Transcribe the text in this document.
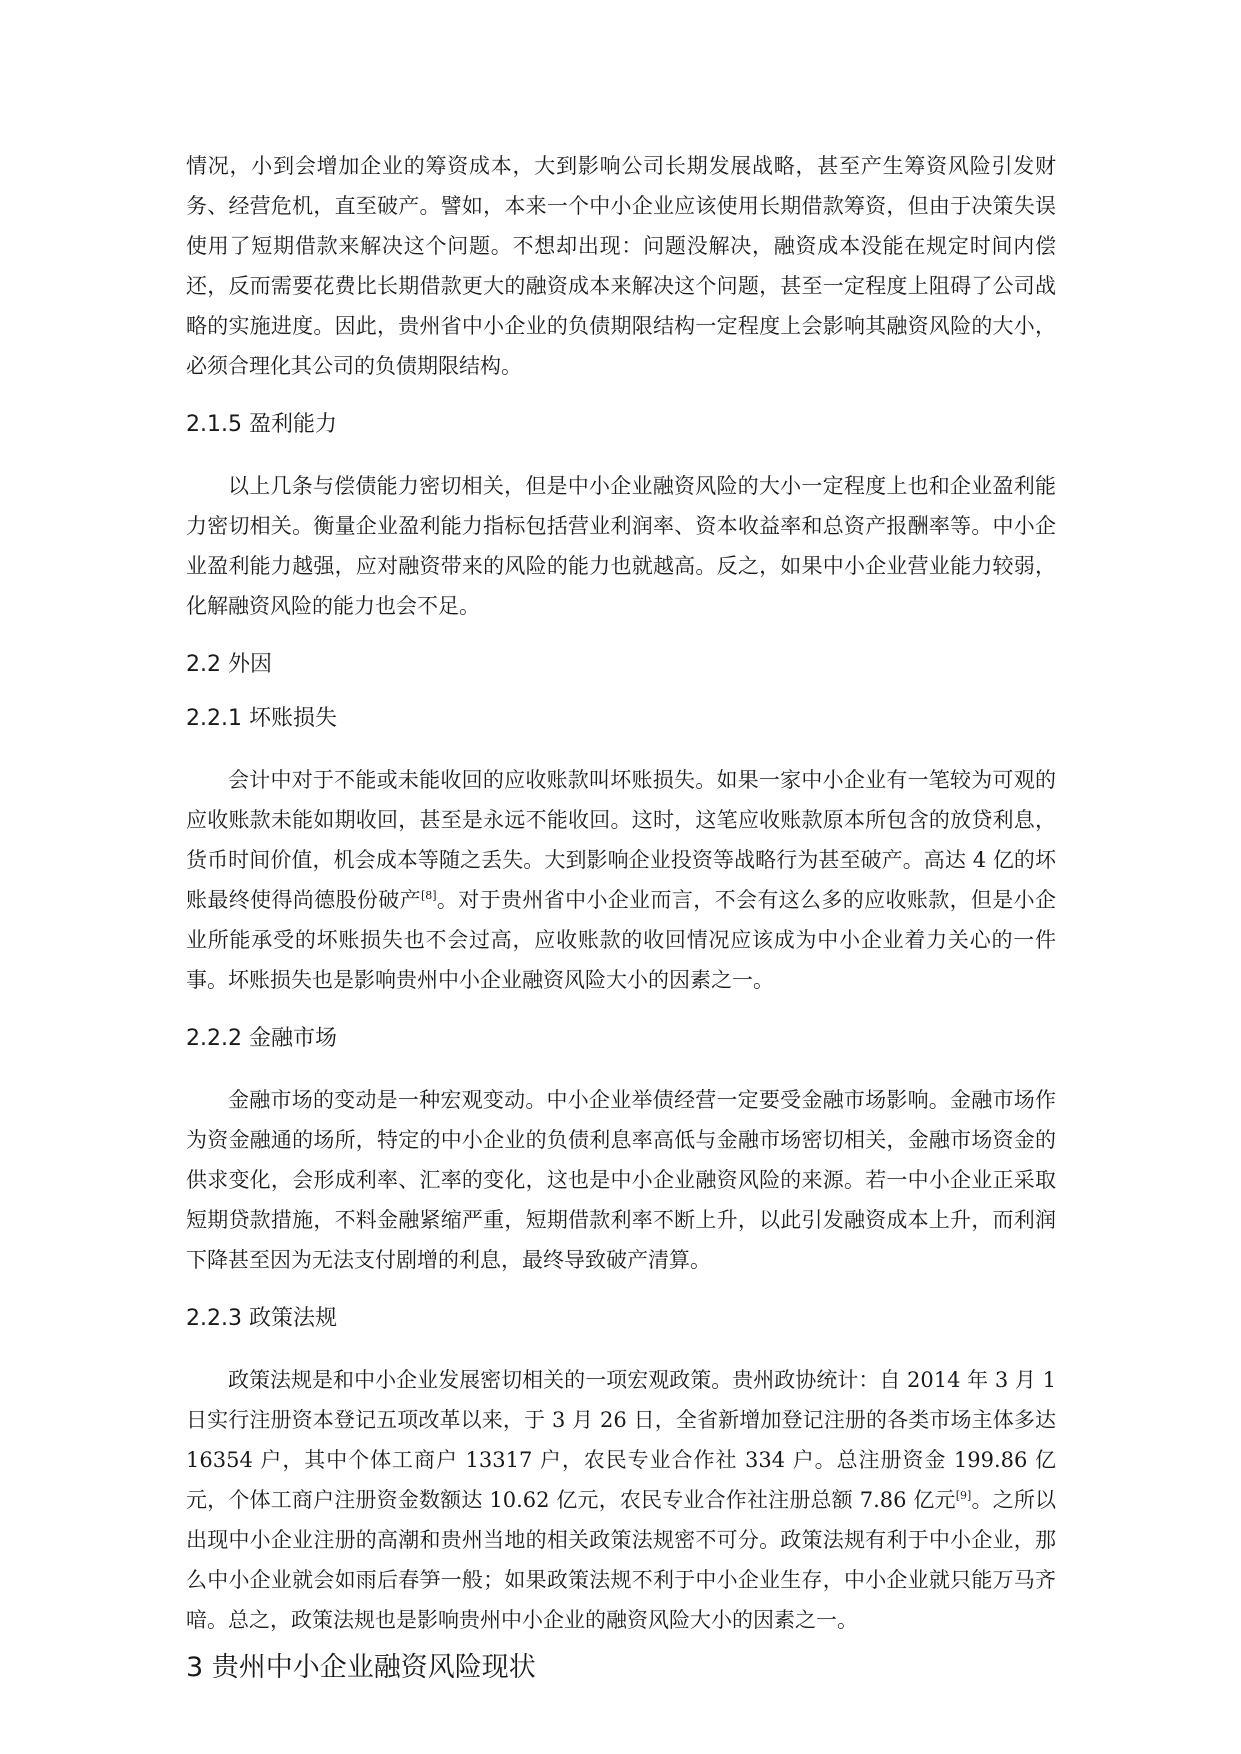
情况，小到会增加企业的筹资成本，大到影响公司长期发展战略，甚至产生筹资风险引发财务、经营危机，直至破产。譬如，本来一个中小企业应该使用长期借款筹资，但由于决策失误使用了短期借款来解决这个问题。不想却出现：问题没解决，融资成本没能在规定时间内偿还，反而需要花费比长期借款更大的融资成本来解决这个问题，甚至一定程度上阻碍了公司战略的实施进度。因此，贵州省中小企业的负债期限结构一定程度上会影响其融资风险的大小，必须合理化其公司的负债期限结构。

2.1.5 盈利能力

以上几条与偿债能力密切相关，但是中小企业融资风险的大小一定程度上也和企业盈利能力密切相关。衡量企业盈利能力指标包括营业利润率、资本收益率和总资产报酬率等。中小企业盈利能力越强，应对融资带来的风险的能力也就越高。反之，如果中小企业营业能力较弱，化解融资风险的能力也会不足。

2.2 外因
2.2.1 坏账损失

会计中对于不能或未能收回的应收账款叫坏账损失。如果一家中小企业有一笔较为可观的应收账款未能如期收回，甚至是永远不能收回。这时，这笔应收账款原本所包含的放贷利息，货币时间价值，机会成本等随之丢失。大到影响企业投资等战略行为甚至破产。高达 4 亿的坏账最终使得尚德股份破产[8]。对于贵州省中小企业而言，不会有这么多的应收账款，但是小企业所能承受的坏账损失也不会过高，应收账款的收回情况应该成为中小企业着力关心的一件事。坏账损失也是影响贵州中小企业融资风险大小的因素之一。

2.2.2 金融市场

金融市场的变动是一种宏观变动。中小企业举债经营一定要受金融市场影响。金融市场作为资金融通的场所，特定的中小企业的负债利息率高低与金融市场密切相关，金融市场资金的供求变化，会形成利率、汇率的变化，这也是中小企业融资风险的来源。若一中小企业正采取短期贷款措施，不料金融紧缩严重，短期借款利率不断上升，以此引发融资成本上升，而利润下降甚至因为无法支付剧增的利息，最终导致破产清算。

2.2.3 政策法规

政策法规是和中小企业发展密切相关的一项宏观政策。贵州政协统计：自 2014 年 3 月 1 日实行注册资本登记五项改革以来，于 3 月 26 日，全省新增加登记注册的各类市场主体多达 16354 户，其中个体工商户 13317 户，农民专业合作社 334 户。总注册资金 199.86 亿元，个体工商户注册资金数额达 10.62 亿元，农民专业合作社注册总额 7.86 亿元[9]。之所以出现中小企业注册的高潮和贵州当地的相关政策法规密不可分。政策法规有利于中小企业，那么中小企业就会如雨后春笋一般；如果政策法规不利于中小企业生存，中小企业就只能万马齐喑。总之，政策法规也是影响贵州中小企业的融资风险大小的因素之一。

3 贵州中小企业融资风险现状
